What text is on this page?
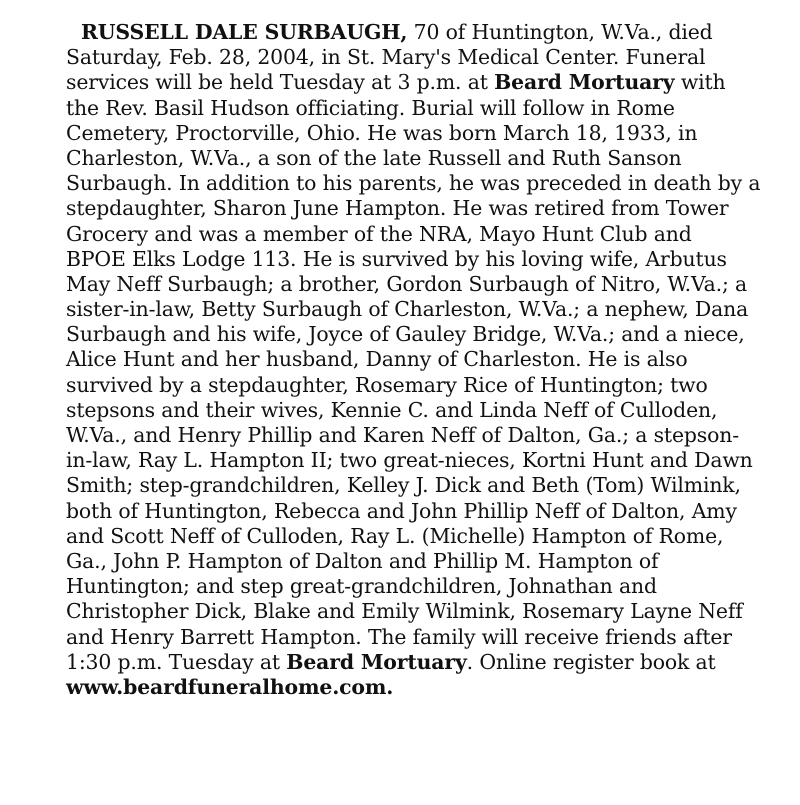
RUSSELL DALE SURBAUGH, 70 of Huntington, W.Va., died
Saturday, Feb. 28, 2004, in St. Mary's Medical Center. Funeral
services will be held Tuesday at 3 p.m. at Beard Mortuary with
the Rev. Basil Hudson officiating. Burial will follow in Rome
Cemetery, Proctorville, Ohio. He was born March 18, 1933, in
Charleston, W.Va., a son of the late Russell and Ruth Sanson
Surbaugh. In addition to his parents, he was preceded in death by a
stepdaughter, Sharon June Hampton. He was retired from Tower
Grocery and was a member of the NRA, Mayo Hunt Club and
BPOE Elks Lodge 113. He is survived by his loving wife, Arbutus
May Neff Surbaugh; a brother, Gordon Surbaugh of Nitro, W.Va.; a
sister-in-law, Betty Surbaugh of Charleston, W.Va.; a nephew, Dana
Surbaugh and his wife, Joyce of Gauley Bridge, W.Va.; and a niece,
Alice Hunt and her husband, Danny of Charleston. He is also
survived by a stepdaughter, Rosemary Rice of Huntington; two
stepsons and their wives, Kennie C. and Linda Neff of Culloden,
W.Va., and Henry Phillip and Karen Neff of Dalton, Ga.; a stepson-
in-law, Ray L. Hampton II; two great-nieces, Kortni Hunt and Dawn
Smith; step-grandchildren, Kelley J. Dick and Beth (Tom) Wilmink,
both of Huntington, Rebecca and John Phillip Neff of Dalton, Amy
and Scott Neff of Culloden, Ray L. (Michelle) Hampton of Rome,
Ga., John P. Hampton of Dalton and Phillip M. Hampton of
Huntington; and step great-grandchildren, Johnathan and
Christopher Dick, Blake and Emily Wilmink, Rosemary Layne Neff
and Henry Barrett Hampton. The family will receive friends after
1:30 p.m. Tuesday at Beard Mortuary. Online register book at
www.beardfuneralhome.com.
